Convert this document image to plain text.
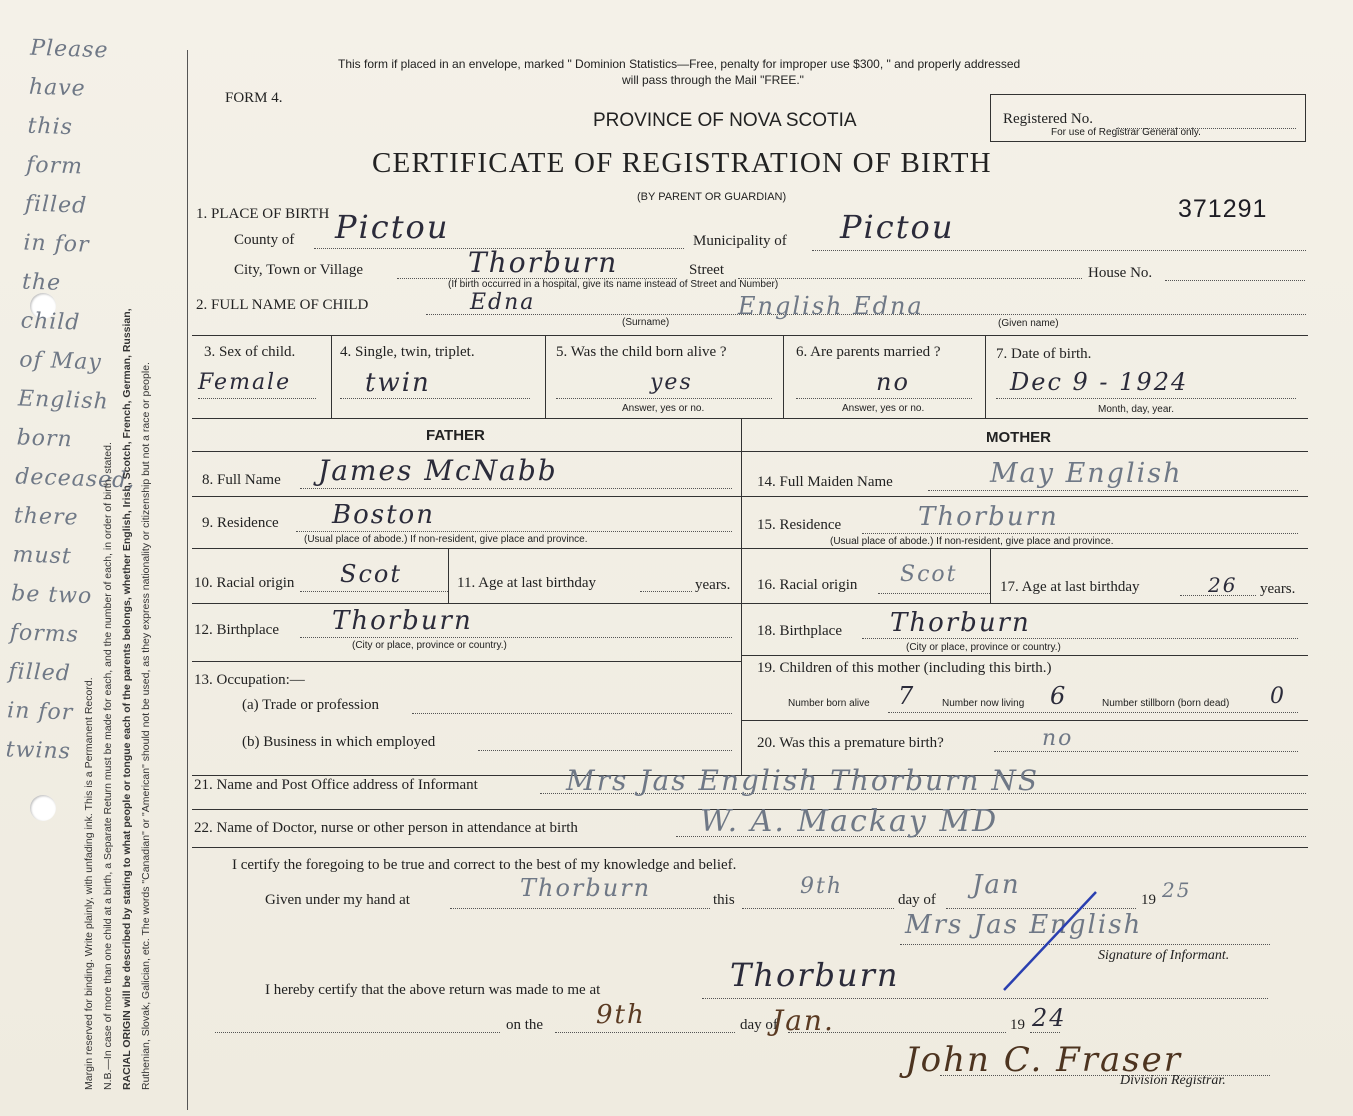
Please have this form filled in for the child of May English born deceased, there must be two forms filled in for twins	Margin reserved for binding. Write plainly, with unfading ink. This is a Permanent Record. N.B.—In case of more than one child at a birth, a Separate Return must be made for each, and the number of each, in order of birth, stated. RACIAL ORIGIN will be described by stating to what people or tongue each of the parents belongs, whether English, Irish, Scotch, French, German, Russian, Ruthenian, Slovak, Galician, etc. The words "Canadian" or "American" should not be used, as they express nationality or citizenship but not a race or people.
This form if placed in an envelope, marked " Dominion Statistics—Free, penalty for improper use $300, " and properly addressed
will pass through the Mail "FREE."
FORM 4.
PROVINCE OF NOVA SCOTIA
CERTIFICATE OF REGISTRATION OF BIRTH
(BY PARENT OR GUARDIAN)
Registered No.
For use of Registrar General only.
371291
1. PLACE OF BIRTH
County of Pictou	Municipality of Pictou
City, Town or Village	Thorburn	Street
(If birth occurred in a hospital, give its name instead of Street and Number)
House No.
2. FULL NAME OF CHILD	Edna	English Edna
(Surname)	(Given name)
3. Sex of child.
Female
4. Single, twin, triplet.
twin
5. Was the child born alive ?
yes
Answer, yes or no.
6. Are parents married ?
no
Answer, yes or no.
7. Date of birth.
Dec 9 - 1924
Month, day, year.
FATHER	MOTHER
8. Full Name James McNabb
9. Residence Boston
(Usual place of abode.) If non-resident, give place and province.
10. Racial origin Scot	11. Age at last birthday	years.
12. Birthplace Thorburn
(City or place, province or country.)
13. Occupation:—
(a) Trade or profession
(b) Business in which employed
14. Full Maiden Name	May English
15. Residence	Thorburn
(Usual place of abode.) If non-resident, give place and province.
16. Racial origin Scot	17. Age at last birthday	26 years.
18. Birthplace Thorburn
(City or place, province or country.)
19. Children of this mother (including this birth.)
Number born alive 7	Number now living 6	Number stillborn (born dead) 0
20. Was this a premature birth?	no
21. Name and Post Office address of Informant	Mrs Jas English Thorburn NS
22. Name of Doctor, nurse or other person in attendance at birth	W. A. Mackay MD
I certify the foregoing to be true and correct to the best of my knowledge and belief.
Given under my hand at	Thorburn	this
9th
day of Jan	19 25
Mrs Jas English
Signature of Informant.
I hereby certify that the above return was made to me at	Thorburn
on the 9th	day of
Jan.	19 24
John C. Fraser
Division Registrar.
